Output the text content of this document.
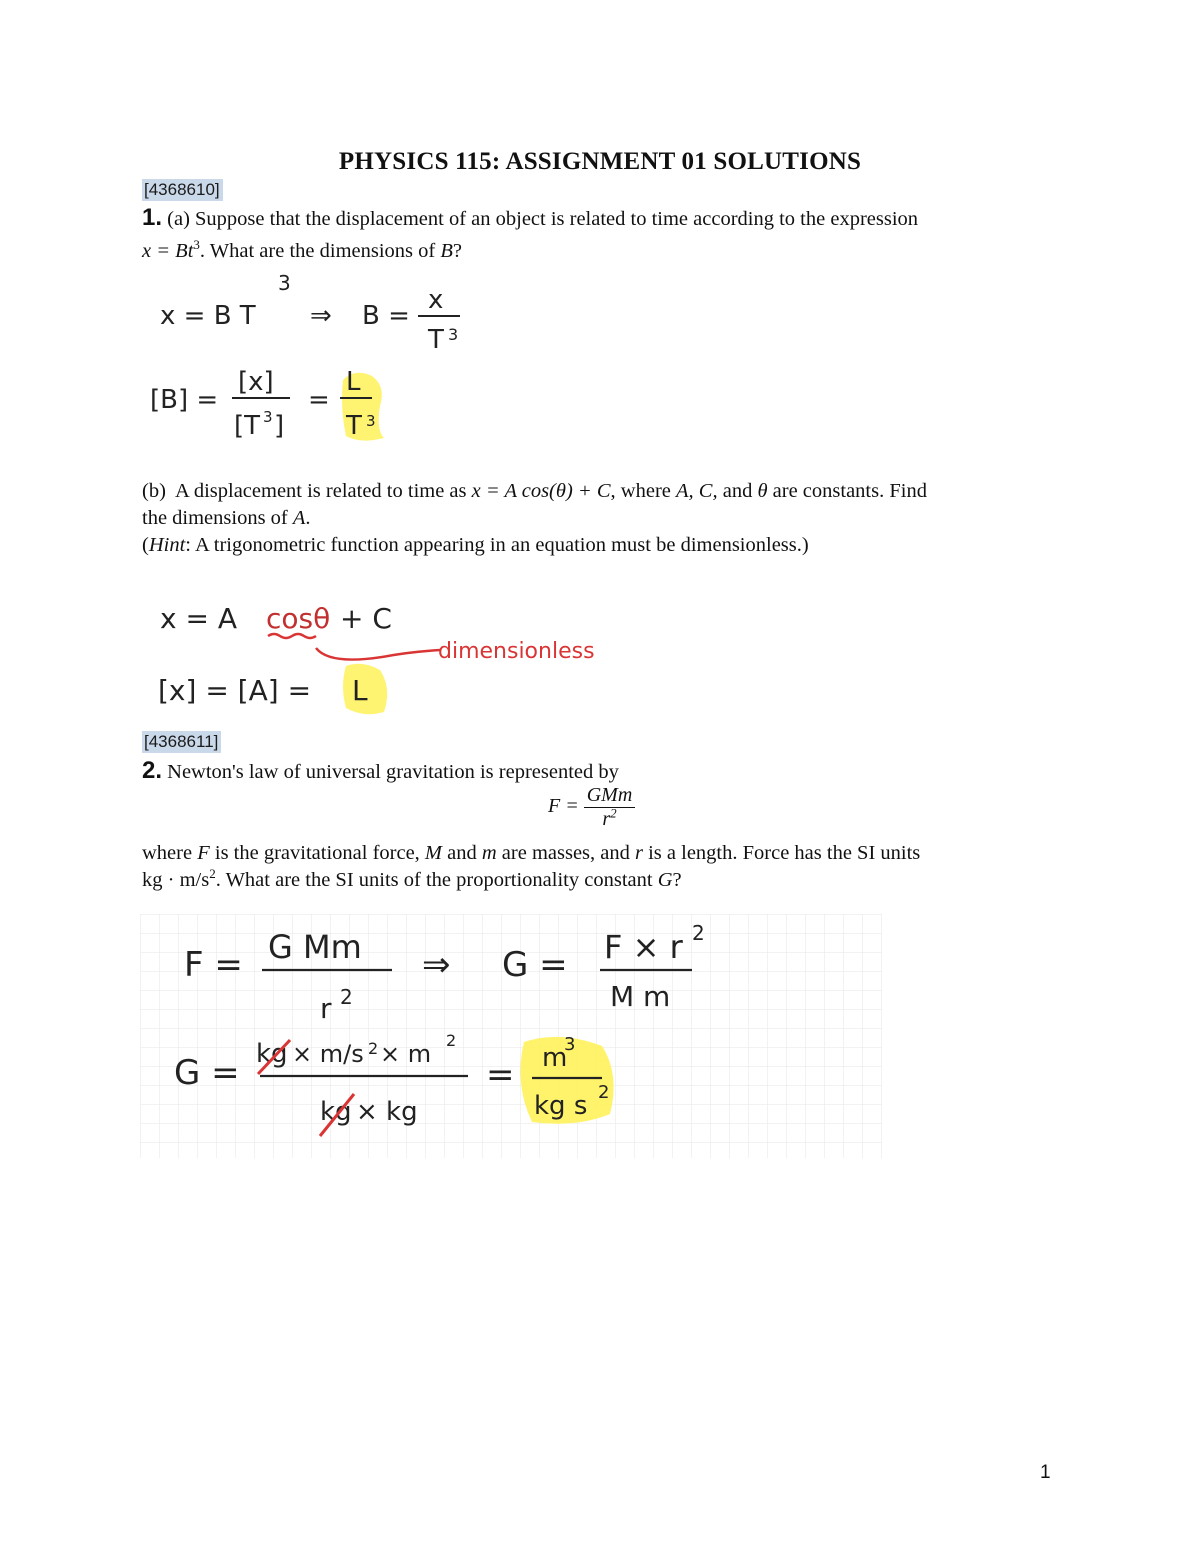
PHYSICS 115: ASSIGNMENT 01 SOLUTIONS
[4368610]
1. (a) Suppose that the displacement of an object is related to time according to the expression
$x = Bt^3$. What are the dimensions of B?
x = B T
3
⇒ B =
x
T 3
[B] =
[x]
[T 3 ]
=
L
T 3
(b) A displacement is related to time as x = A cos(θ) + C, where A, C, and θ are constants. Find
the dimensions of A.
(Hint: A trigonometric function appearing in an equation must be dimensionless.)
x = A cosθ + C
dimensionless
[x] = [A] = L
[4368611]
2. Newton's law of universal gravitation is represented by
$F = \frac{\text{GMm}}{r^2}$
where F is the gravitational force, M and m are masses, and r is a length. Force has the SI units
kg · $m/s^2$. What are the SI units of the proportionality constant G?
F = G Mm
r 2
⇒ G = F × r 2
M m
G = kg × m/s 2 × m 2
kg × kg
= m
3
kg s 2
1
